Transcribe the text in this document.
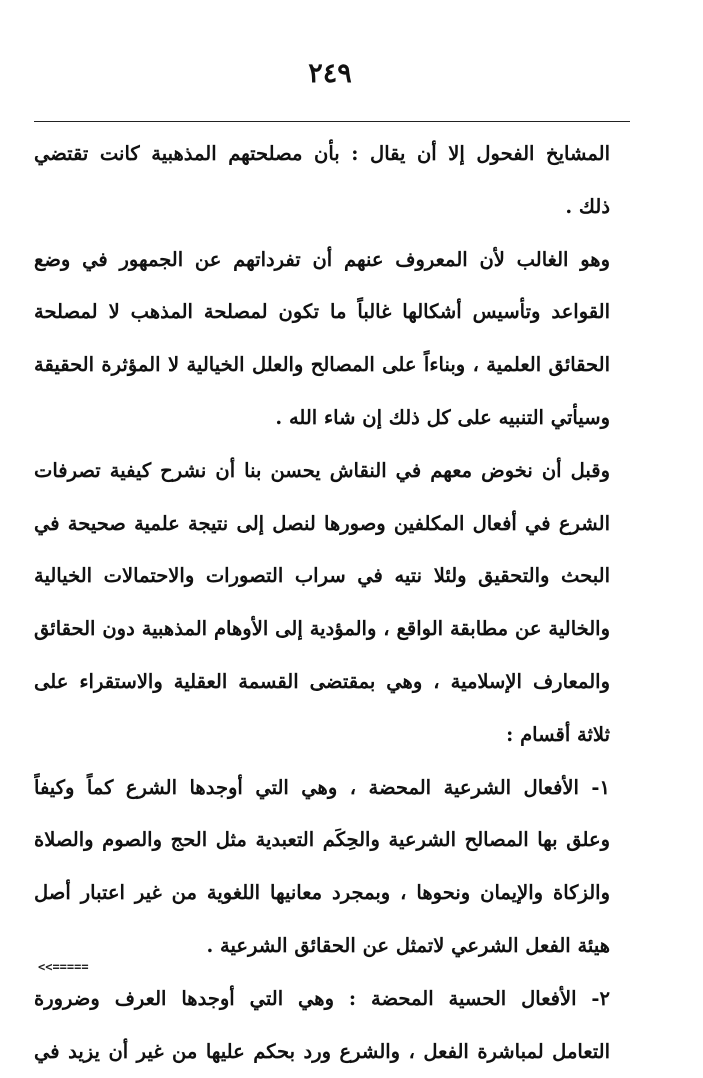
٢٤٩
المشايخ الفحول إلا أن يقال : بأن مصلحتهم المذهبية كانت تقتضي
ذلك .
وهو الغالب لأن المعروف عنهم أن تفرداتهم عن الجمهور في وضع
القواعد وتأسيس أشكالها غالباً ما تكون لمصلحة المذهب لا لمصلحة
الحقائق العلمية ، وبناءاً على المصالح والعلل الخيالية لا المؤثرة الحقيقة
وسيأتي التنبيه على كل ذلك إن شاء الله .
وقبل أن نخوض معهم في النقاش يحسن بنا أن نشرح كيفية تصرفات
الشرع في أفعال المكلفين وصورها لنصل إلى نتيجة علمية صحيحة في
البحث والتحقيق ولئلا نتيه في سراب التصورات والاحتمالات الخيالية
والخالية عن مطابقة الواقع ، والمؤدية إلى الأوهام المذهبية دون الحقائق
والمعارف الإسلامية ، وهي بمقتضى القسمة العقلية والاستقراء على
ثلاثة أقسام :
١- الأفعال الشرعية المحضة ، وهي التي أوجدها الشرع كماً وكيفاً
وعلق بها المصالح الشرعية والحِكَم التعبدية مثل الحج والصوم والصلاة
والزكاة والإيمان ونحوها ، وبمجرد معانيها اللغوية من غير اعتبار أصل
هيئة الفعل الشرعي لاتمثل عن الحقائق الشرعية .
٢- الأفعال الحسية المحضة : وهي التي أوجدها العرف وضرورة
التعامل لمباشرة الفعل ، والشرع ورد بحكم عليها من غير أن يزيد في
<<=====
